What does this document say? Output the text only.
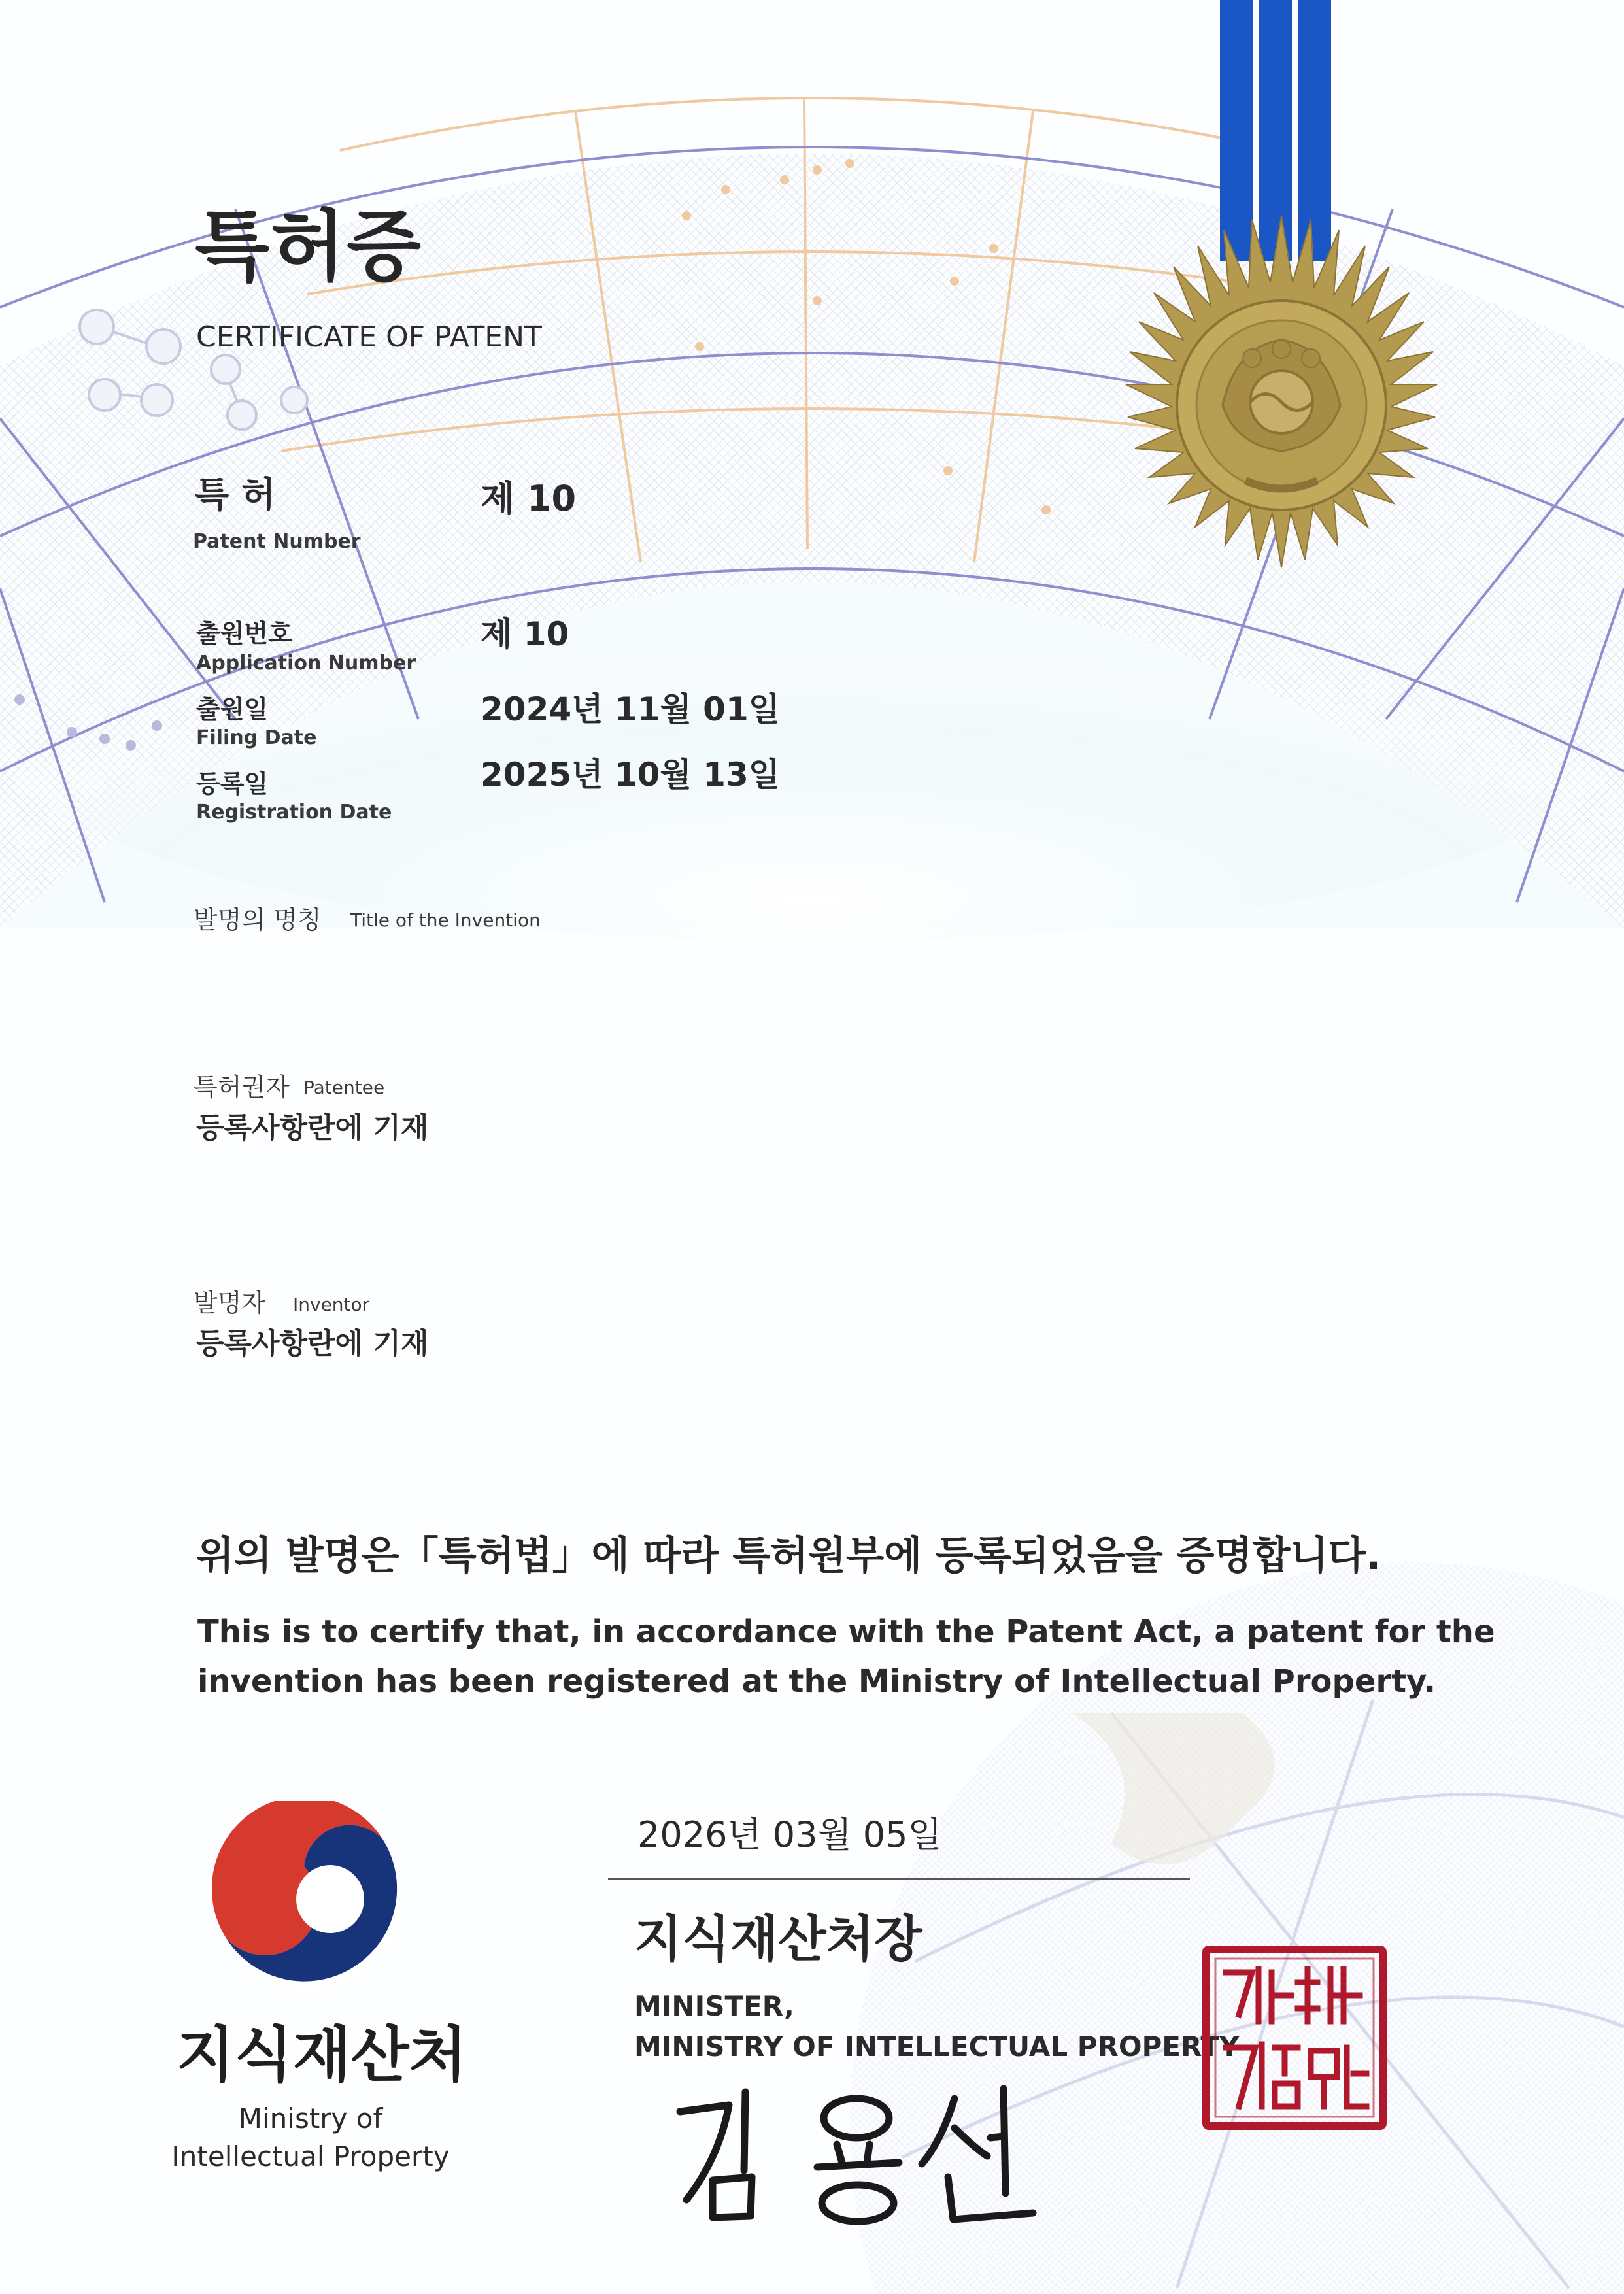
특허증
CERTIFICATE OF PATENT
특 허
Patent Number
제 10
출원번호
Application Number
제 10
출원일
Filing Date
2024년 11월 01일
등록일
Registration Date
2025년 10월 13일
발명의 명칭 Title of the Invention
특허권자 Patentee
등록사항란에 기재
발명자 Inventor
등록사항란에 기재
위의 발명은「특허법」에 따라 특허원부에 등록되었음을 증명합니다.
This is to certify that, in accordance with the Patent Act, a patent for the invention has been registered at the Ministry of Intellectual Property.
2026년 03월 05일
지식재산처장
MINISTER,
MINISTRY OF INTELLECTUAL PROPERTY
지식재산처
Ministry of
Intellectual Property
